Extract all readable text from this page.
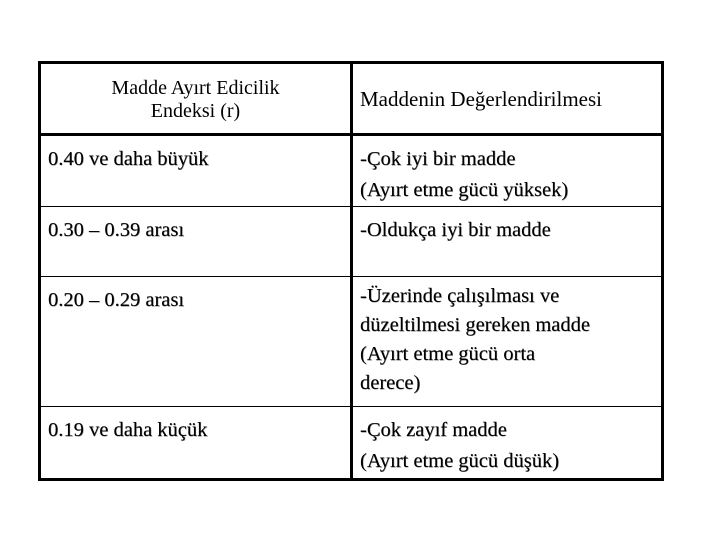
Madde Ayırt Edicilik Endeksi (r)	Maddenin Değerlendirilmesi
0.40 ve daha büyük	-Çok iyi bir madde
(Ayırt etme gücü yüksek)
0.30 – 0.39 arası	-Oldukça iyi bir madde
0.20 – 0.29 arası	-Üzerinde çalışılması ve
düzeltilmesi gereken madde
(Ayırt etme gücü orta
derece)
0.19 ve daha küçük	-Çok zayıf madde
(Ayırt etme gücü düşük)
